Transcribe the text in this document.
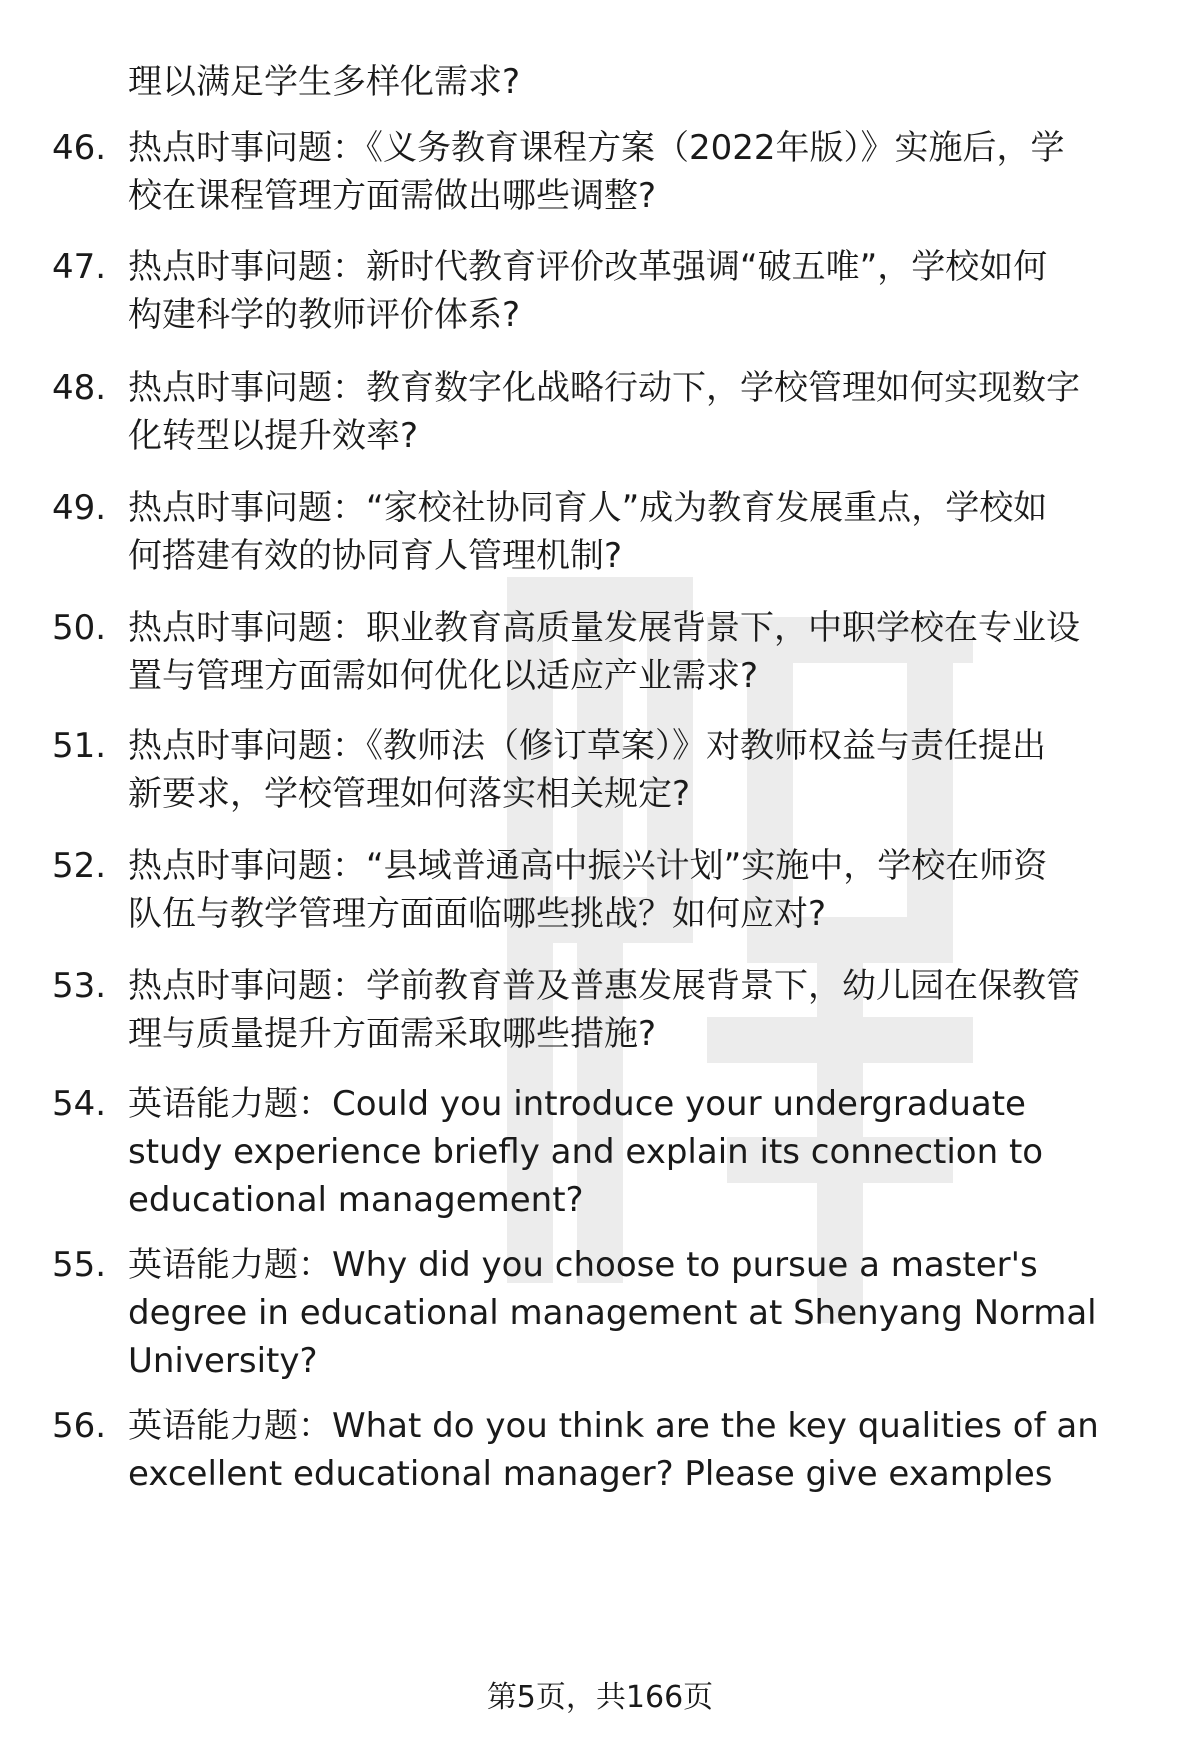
理以满足学生多样化需求?
46. 热点时事问题：《义务教育课程方案（2022年版）》实施后，学
校在课程管理方面需做出哪些调整?
47. 热点时事问题：新时代教育评价改革强调“破五唯”，学校如何
构建科学的教师评价体系?
48. 热点时事问题：教育数字化战略行动下，学校管理如何实现数字
化转型以提升效率?
49. 热点时事问题：“家校社协同育人”成为教育发展重点，学校如
何搭建有效的协同育人管理机制?
50. 热点时事问题：职业教育高质量发展背景下，中职学校在专业设
置与管理方面需如何优化以适应产业需求?
51. 热点时事问题：《教师法（修订草案）》对教师权益与责任提出
新要求，学校管理如何落实相关规定?
52. 热点时事问题：“县域普通高中振兴计划”实施中，学校在师资
队伍与教学管理方面面临哪些挑战？如何应对?
53. 热点时事问题：学前教育普及普惠发展背景下，幼儿园在保教管
理与质量提升方面需采取哪些措施?
54. 英语能力题：Could you introduce your undergraduate
study experience briefly and explain its connection to
educational management?
55. 英语能力题：Why did you choose to pursue a master's
degree in educational management at Shenyang Normal
University?
56. 英语能力题：What do you think are the key qualities of an
excellent educational manager? Please give examples
第5页，共166页
